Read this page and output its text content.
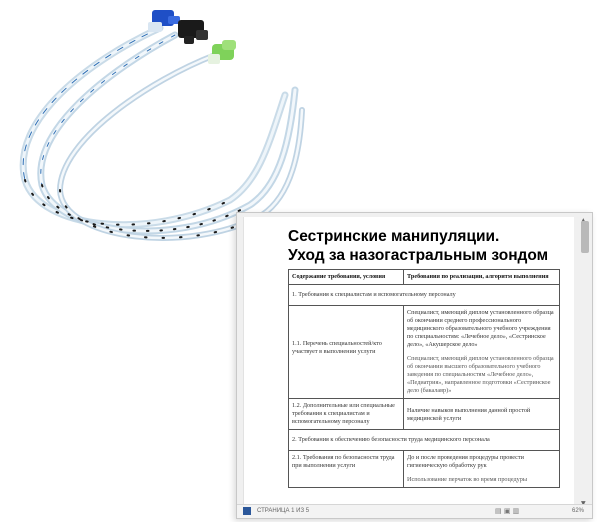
Сестринские манипуляции.
Уход за назогастральным зондом
Содержание требования, условия	Требования по реализации, алгоритм выполнения
1. Требования к специалистам и вспомогательному персоналу	
1.1. Перечень специальностей/кто участвует в выполнении услуги	Специалист, имеющий диплом установленного образца об окончании среднего профессионального медицинского образовательного учебного учреждения по специальностям: «Лечебное дело», «Сестринское дело», «Акушерское дело»
Специалист, имеющий диплом установленного образца об окончании высшего образовательного учебного заведения по специальностям «Лечебное дело», «Педиатрия», направленное подготовки «Сестринское дело (бакалавр)»

1.2. Дополнительные или специальные требования к специалистам и вспомогательному персоналу	Наличие навыков выполнения данной простой медицинской услуги
2. Требования к обеспечению безопасности труда медицинского персонала	
2.1. Требования по безопасности труда при выполнении услуги	До и после проведения процедуры провести гигиеническую обработку рук
Использование перчаток во время процедуры
СТРАНИЦА 1 ИЗ 5	▤ ▣ ▥	62%
